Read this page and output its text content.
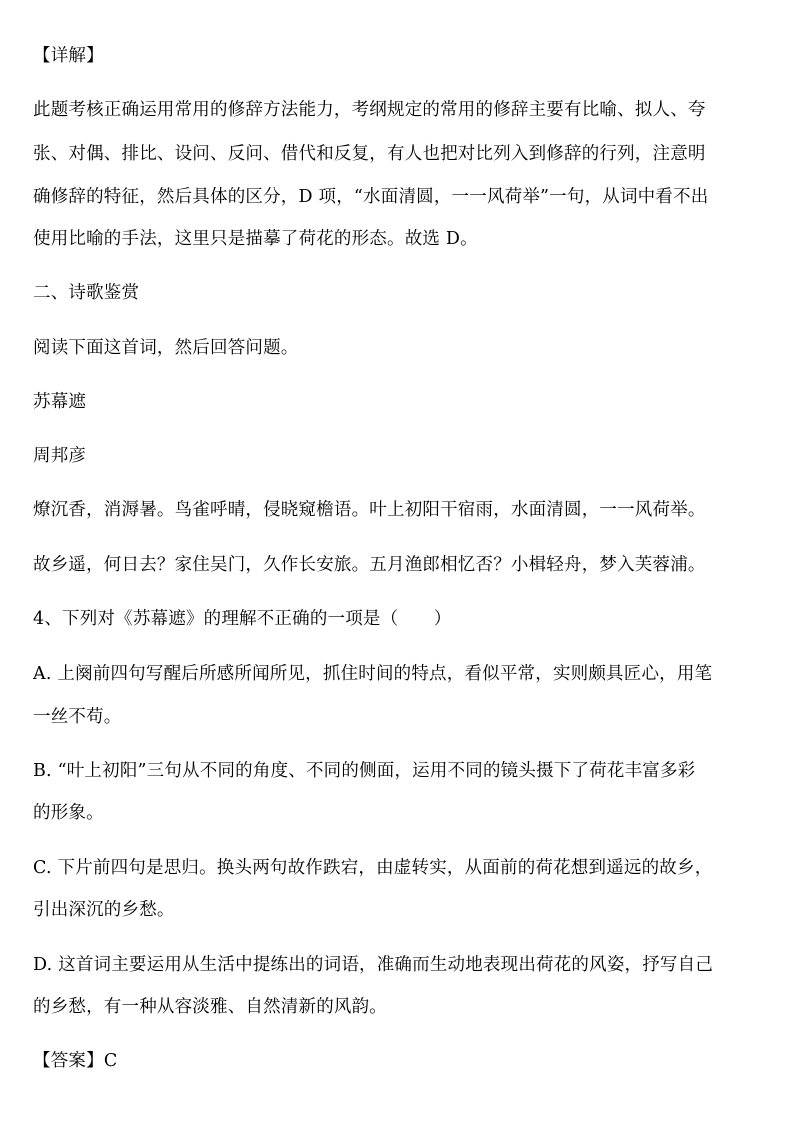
【详解】
此题考核正确运用常用的修辞方法能力，考纲规定的常用的修辞主要有比喻、拟人、夸
张、对偶、排比、设问、反问、借代和反复，有人也把对比列入到修辞的行列，注意明
确修辞的特征，然后具体的区分，D 项，“水面清圆，一一风荷举”一句，从词中看不出
使用比喻的手法，这里只是描摹了荷花的形态。故选 D。
二、诗歌鉴赏
阅读下面这首词，然后回答问题。
苏幕遮
周邦彦
燎沉香，消溽暑。鸟雀呼晴，侵晓窥檐语。叶上初阳干宿雨，水面清圆，一一风荷举。
故乡遥，何日去？家住吴门，久作长安旅。五月渔郎相忆否？小楫轻舟，梦入芙蓉浦。
4、下列对《苏幕遮》的理解不正确的一项是（　　）
A. 上阕前四句写醒后所感所闻所见，抓住时间的特点，看似平常，实则颇具匠心，用笔
一丝不苟。
B. “叶上初阳”三句从不同的角度、不同的侧面，运用不同的镜头摄下了荷花丰富多彩
的形象。
C. 下片前四句是思归。换头两句故作跌宕，由虚转实，从面前的荷花想到遥远的故乡，
引出深沉的乡愁。
D. 这首词主要运用从生活中提练出的词语，准确而生动地表现出荷花的风姿，抒写自己
的乡愁，有一种从容淡雅、自然清新的风韵。
【答案】C
